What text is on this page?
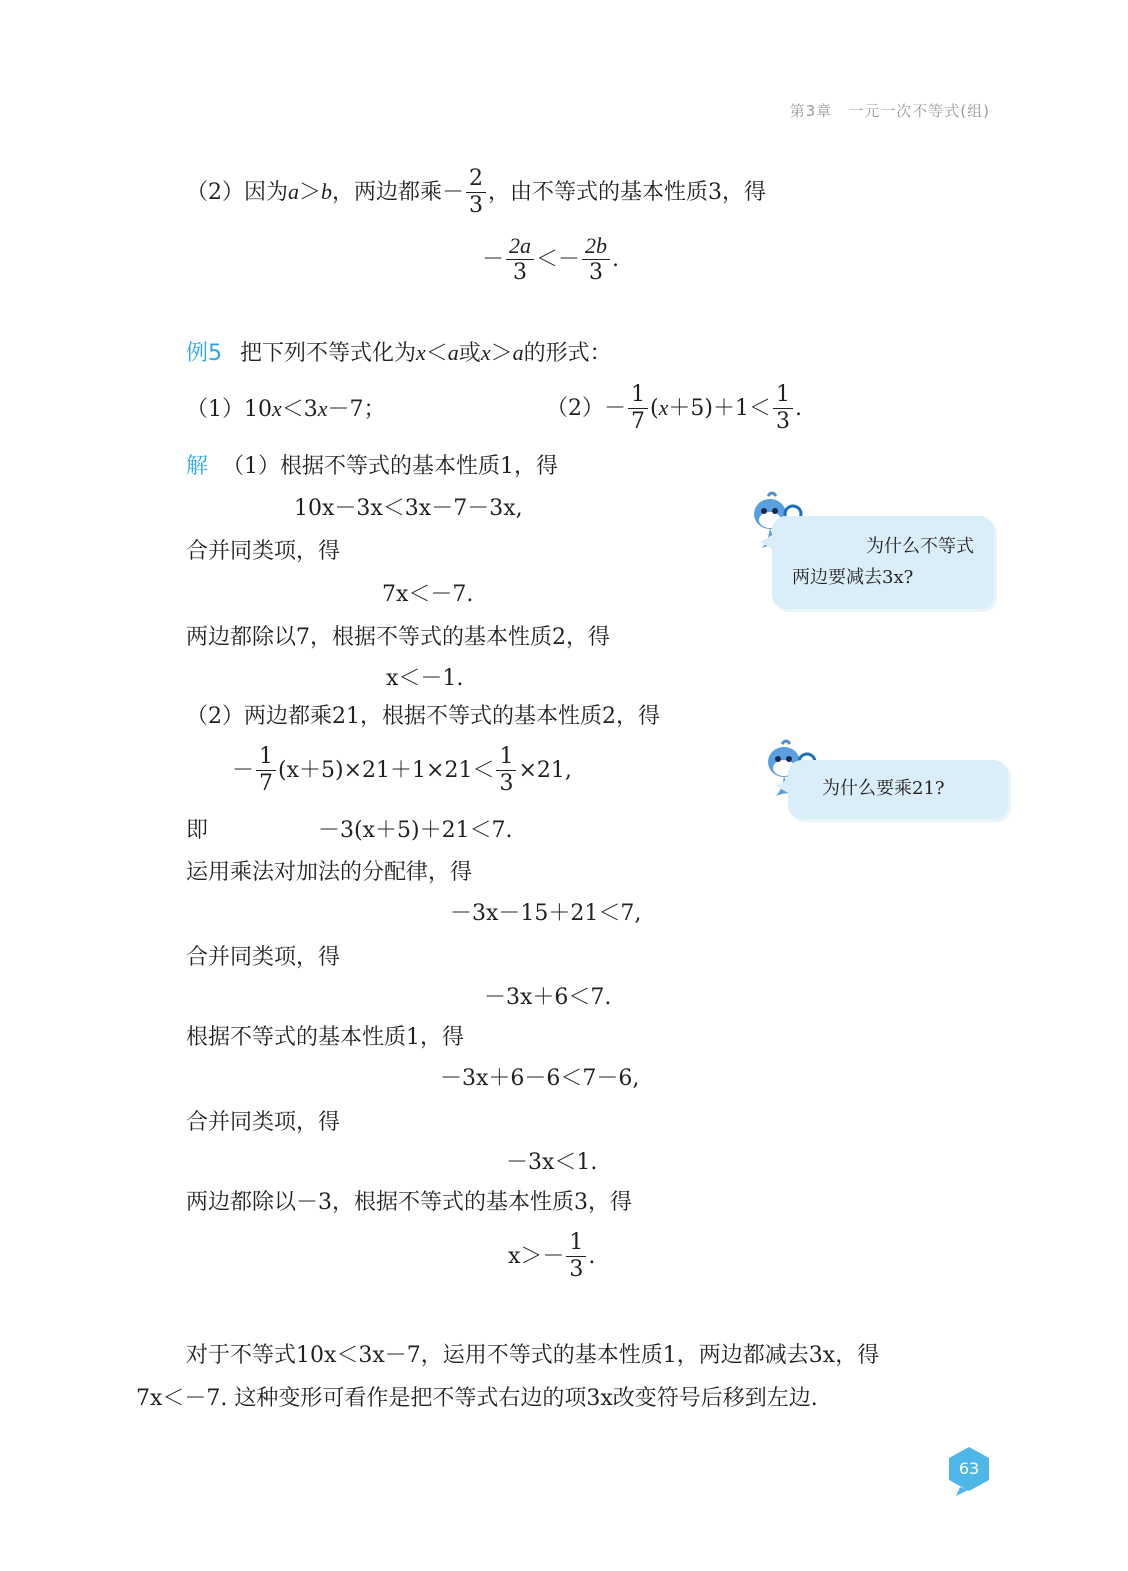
第3章　一元一次不等式(组)
（2）因为a＞b，两边都乘－ $\frac{2}{3}$ ，由不等式的基本性质3，得
－ $\frac{2a}{3} <- \frac{2b}{3}$ .
例5 把下列不等式化为x＜a或x＞a的形式：
（1）10x＜3x－7；	$(2)- \frac{1}{7} (x+5)+1< \frac{1}{3}$ .
解 （1）根据不等式的基本性质1，得
10x－3x＜3x－7－3x,
合并同类项，得
7x＜－7.
两边都除以7，根据不等式的基本性质2，得
x＜－1.
（2）两边都乘21，根据不等式的基本性质2，得
－ $\frac{1}{7} (x+5)\times 21+1\times 21< \frac{1}{3} \times 21$,
即	－3(x＋5)＋21＜7.
运用乘法对加法的分配律，得
－3x－15＋21＜7,
合并同类项，得
－3x＋6＜7.
根据不等式的基本性质1，得
－3x＋6－6＜7－6,
合并同类项，得
－3x＜1.
两边都除以－3，根据不等式的基本性质3，得
$x>- \frac{1}{3}$ .
对于不等式10x＜3x－7，运用不等式的基本性质1，两边都减去3x，得
7x＜－7. 这种变形可看作是把不等式右边的项3x改变符号后移到左边.
为什么不等式
两边要减去3x?
为什么要乘21?
63
